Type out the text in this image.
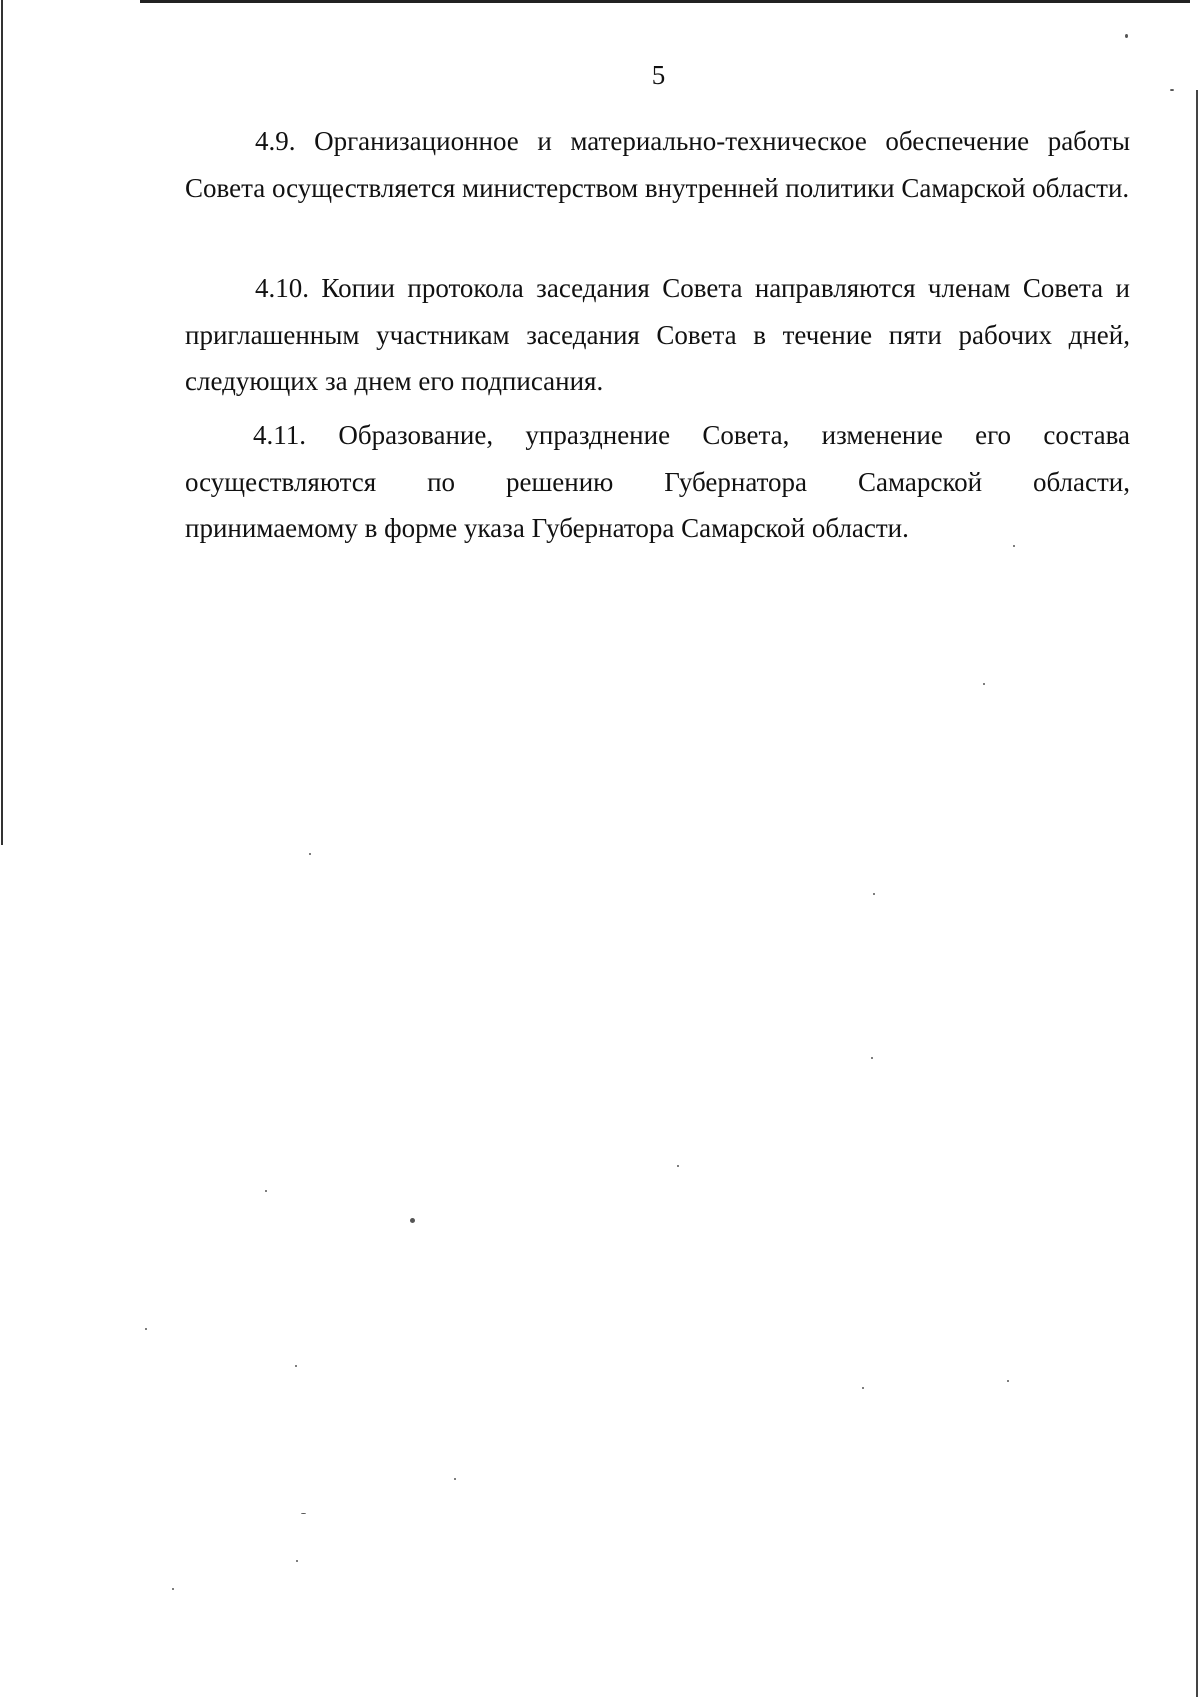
5

4.9. Организационное и материально-техническое обеспечение работы Совета осуществляется министерством внутренней политики Самарской области.

4.10. Копии протокола заседания Совета направляются членам Совета и приглашенным участникам заседания Совета в течение пяти рабочих дней, следующих за днем его подписания.

4.11. Образование, упразднение Совета, изменение его состава
осуществляются по решению Губернатора Самарской области,
принимаемому в форме указа Губернатора Самарской области.
